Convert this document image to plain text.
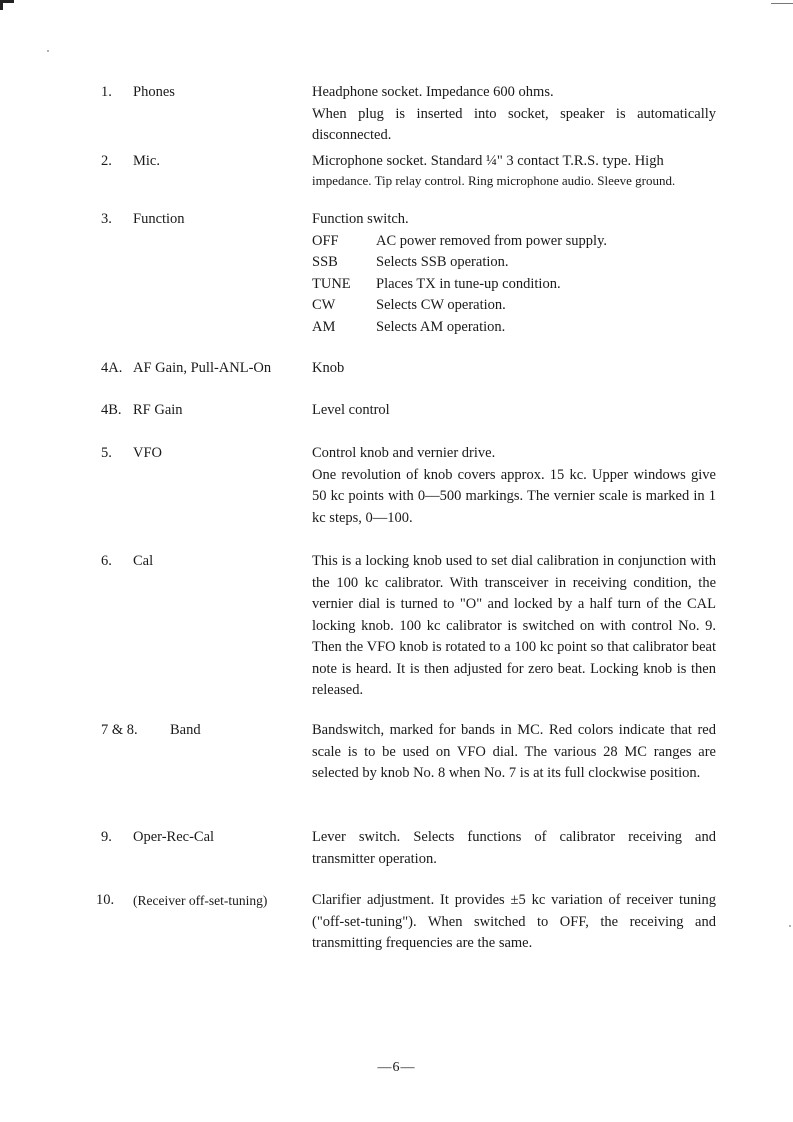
1. Phones	Headphone socket. Impedance 600 ohms.
When plug is inserted into socket, speaker is automatically disconnected.
2. Mic.	Microphone socket. Standard ¼" 3 contact T.R.S. type. High
impedance. Tip relay control. Ring microphone audio. Sleeve ground.
3. Function	Function switch.
OFF	AC power removed from power supply.
SSB	Selects SSB operation.
TUNE	Places TX in tune-up condition.
CW	Selects CW operation.
AM	Selects AM operation.
4A. AF Gain, Pull-ANL-On	Knob
4B. RF Gain	Level control
5. VFO	Control knob and vernier drive.
One revolution of knob covers approx. 15 kc. Upper windows give 50 kc points with 0—500 markings. The vernier scale is marked in 1 kc steps, 0—100.
6. Cal	This is a locking knob used to set dial calibration in conjunction with the 100 kc calibrator. With transceiver in receiving condition, the vernier dial is turned to "O" and locked by a half turn of the CAL locking knob. 100 kc calibrator is switched on with control No. 9. Then the VFO knob is rotated to a 100 kc point so that calibrator beat note is heard. It is then adjusted for zero beat. Locking knob is then released.
7 & 8. Band	Bandswitch, marked for bands in MC. Red colors indicate that red scale is to be used on VFO dial. The various 28 MC ranges are selected by knob No. 8 when No. 7 is at its full clockwise position.
9. Oper-Rec-Cal	Lever switch. Selects functions of calibrator receiving and transmitter operation.
10. (Receiver off-set-tuning)	Clarifier adjustment. It provides ±5 kc variation of receiver tuning ("off-set-tuning"). When switched to OFF, the receiving and transmitting frequencies are the same.
—6—
